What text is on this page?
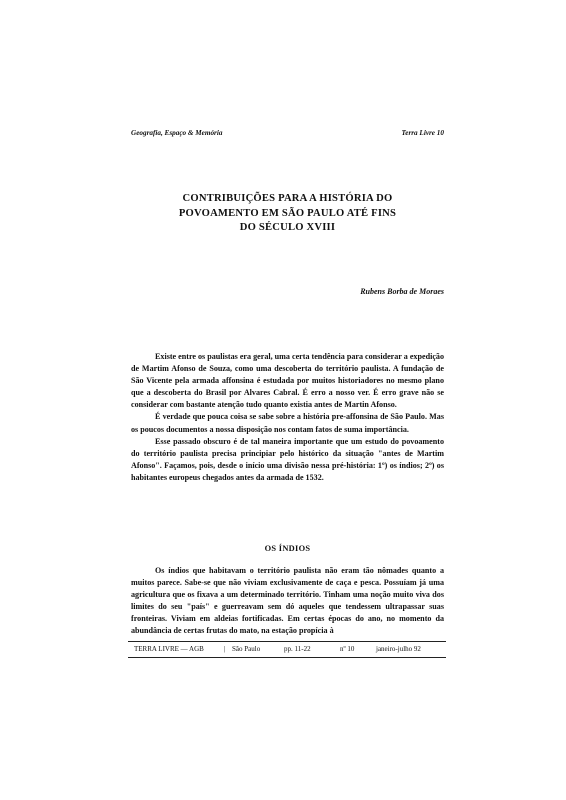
Geografia, Espaço & Memória	Terra Livre 10
CONTRIBUIÇÕES PARA A HISTÓRIA DO
POVOAMENTO EM SÃO PAULO ATÉ FINS
DO SÉCULO XVIII
Rubens Borba de Moraes

Existe entre os paulistas era geral, uma certa tendência para considerar a expedição de Martim Afonso de Souza, como uma descoberta do território paulista. A fundação de São Vicente pela armada affonsina é estudada por muitos historiadores no mesmo plano que a descoberta do Brasil por Alvares Cabral. É erro a nosso ver. É erro grave não se considerar com bastante atenção tudo quanto existia antes de Martin Afonso.

É verdade que pouca coisa se sabe sobre a história pre-affonsina de São Paulo. Mas os poucos documentos a nossa disposição nos contam fatos de suma importância.

Esse passado obscuro é de tal maneira importante que um estudo do povoamento do território paulista precisa principiar pelo histórico da situação "antes de Martim Afonso". Façamos, pois, desde o início uma divisão nessa pré-história: 1º) os índios; 2º) os habitantes europeus chegados antes da armada de 1532.

OS ÍNDIOS

Os índios que habitavam o território paulista não eram tão nômades quanto a muitos parece. Sabe-se que não viviam exclusivamente de caça e pesca. Possuíam já uma agricultura que os fixava a um determinado território. Tinham uma noção muito viva dos limites do seu "país" e guerreavam sem dó aqueles que tendessem ultrapassar suas fronteiras. Viviam em aldeias fortificadas. Em certas épocas do ano, no momento da abundância de certas frutas do mato, na estação propícia à

TERRA LIVRE — AGB	| São Paulo	pp. 11-22	nº 10	janeiro-julho 92
